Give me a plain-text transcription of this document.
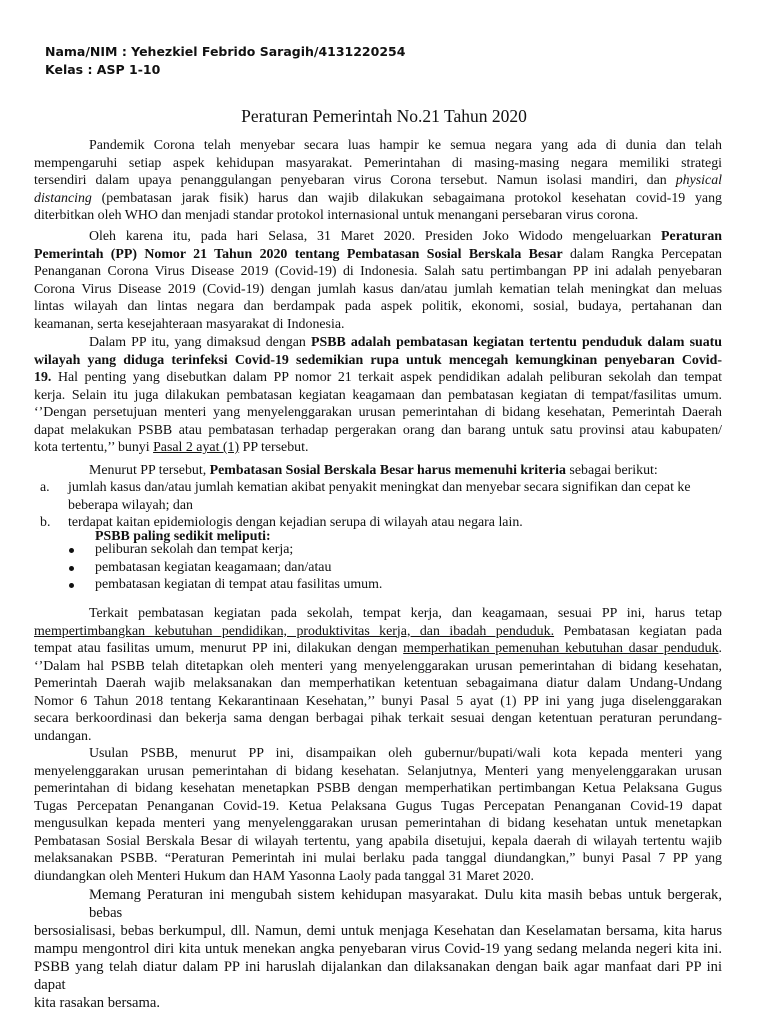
Nama/NIM : Yehezkiel Febrido Saragih/4131220254
Kelas : ASP 1-10
Peraturan Pemerintah No.21 Tahun 2020
Pandemik Corona telah menyebar secara luas hampir ke semua negara yang ada di dunia dan telah
mempengaruhi setiap aspek kehidupan masyarakat. Pemerintahan di masing-masing negara memiliki strategi
tersendiri dalam upaya penanggulangan penyebaran virus Corona tersebut. Namun isolasi mandiri, dan physical
distancing (pembatasan jarak fisik) harus dan wajib dilakukan sebagaimana protokol kesehatan covid-19 yang
diterbitkan oleh WHO dan menjadi standar protokol internasional untuk menangani persebaran virus corona.
Oleh karena itu, pada hari Selasa, 31 Maret 2020. Presiden Joko Widodo mengeluarkan Peraturan
Pemerintah (PP) Nomor 21 Tahun 2020 tentang Pembatasan Sosial Berskala Besar dalam Rangka Percepatan
Penanganan Corona Virus Disease 2019 (Covid-19) di Indonesia. Salah satu pertimbangan PP ini adalah penyebaran
Corona Virus Disease 2019 (Covid-19) dengan jumlah kasus dan/atau jumlah kematian telah meningkat dan meluas
lintas wilayah dan lintas negara dan berdampak pada aspek politik, ekonomi, sosial, budaya, pertahanan dan
keamanan, serta kesejahteraan masyarakat di Indonesia.
Dalam PP itu, yang dimaksud dengan PSBB adalah pembatasan kegiatan tertentu penduduk dalam suatu
wilayah yang diduga terinfeksi Covid-19 sedemikian rupa untuk mencegah kemungkinan penyebaran Covid-
19. Hal penting yang disebutkan dalam PP nomor 21 terkait aspek pendidikan adalah peliburan sekolah dan tempat
kerja. Selain itu juga dilakukan pembatasan kegiatan keagamaan dan pembatasan kegiatan di tempat/fasilitas umum.
‘’Dengan persetujuan menteri yang menyelenggarakan urusan pemerintahan di bidang kesehatan, Pemerintah Daerah
dapat melakukan PSBB atau pembatasan terhadap pergerakan orang dan barang untuk satu provinsi atau kabupaten/
kota tertentu,’’ bunyi Pasal 2 ayat (1) PP tersebut.
Menurut PP tersebut, Pembatasan Sosial Berskala Besar harus memenuhi kriteria sebagai berikut:
a. jumlah kasus dan/atau jumlah kematian akibat penyakit meningkat dan menyebar secara signifikan dan cepat ke
beberapa wilayah; dan
b. terdapat kaitan epidemiologis dengan kejadian serupa di wilayah atau negara lain.
PSBB paling sedikit meliputi:
peliburan sekolah dan tempat kerja;
pembatasan kegiatan keagamaan; dan/atau
pembatasan kegiatan di tempat atau fasilitas umum.
Terkait pembatasan kegiatan pada sekolah, tempat kerja, dan keagamaan, sesuai PP ini, harus tetap
mempertimbangkan kebutuhan pendidikan, produktivitas kerja, dan ibadah penduduk. Pembatasan kegiatan pada
tempat atau fasilitas umum, menurut PP ini, dilakukan dengan memperhatikan pemenuhan kebutuhan dasar penduduk.
‘’Dalam hal PSBB telah ditetapkan oleh menteri yang menyelenggarakan urusan pemerintahan di bidang kesehatan,
Pemerintah Daerah wajib melaksanakan dan memperhatikan ketentuan sebagaimana diatur dalam Undang-Undang
Nomor 6 Tahun 2018 tentang Kekarantinaan Kesehatan,’’ bunyi Pasal 5 ayat (1) PP ini yang juga diselenggarakan
secara berkoordinasi dan bekerja sama dengan berbagai pihak terkait sesuai dengan ketentuan peraturan perundang-
undangan.
Usulan PSBB, menurut PP ini, disampaikan oleh gubernur/bupati/wali kota kepada menteri yang
menyelenggarakan urusan pemerintahan di bidang kesehatan. Selanjutnya, Menteri yang menyelenggarakan urusan
pemerintahan di bidang kesehatan menetapkan PSBB dengan memperhatikan pertimbangan Ketua Pelaksana Gugus
Tugas Percepatan Penanganan Covid-19. Ketua Pelaksana Gugus Tugas Percepatan Penanganan Covid-19 dapat
mengusulkan kepada menteri yang menyelenggarakan urusan pemerintahan di bidang kesehatan untuk menetapkan
Pembatasan Sosial Berskala Besar di wilayah tertentu, yang apabila disetujui, kepala daerah di wilayah tertentu wajib
melaksanakan PSBB. “Peraturan Pemerintah ini mulai berlaku pada tanggal diundangkan,” bunyi Pasal 7 PP yang
diundangkan oleh Menteri Hukum dan HAM Yasonna Laoly pada tanggal 31 Maret 2020.
Memang Peraturan ini mengubah sistem kehidupan masyarakat. Dulu kita masih bebas untuk bergerak, bebas
bersosialisasi, bebas berkumpul, dll. Namun, demi untuk menjaga Kesehatan dan Keselamatan bersama, kita harus
mampu mengontrol diri kita untuk menekan angka penyebaran virus Covid-19 yang sedang melanda negeri kita ini.
PSBB yang telah diatur dalam PP ini haruslah dijalankan dan dilaksanakan dengan baik agar manfaat dari PP ini dapat
kita rasakan bersama.
